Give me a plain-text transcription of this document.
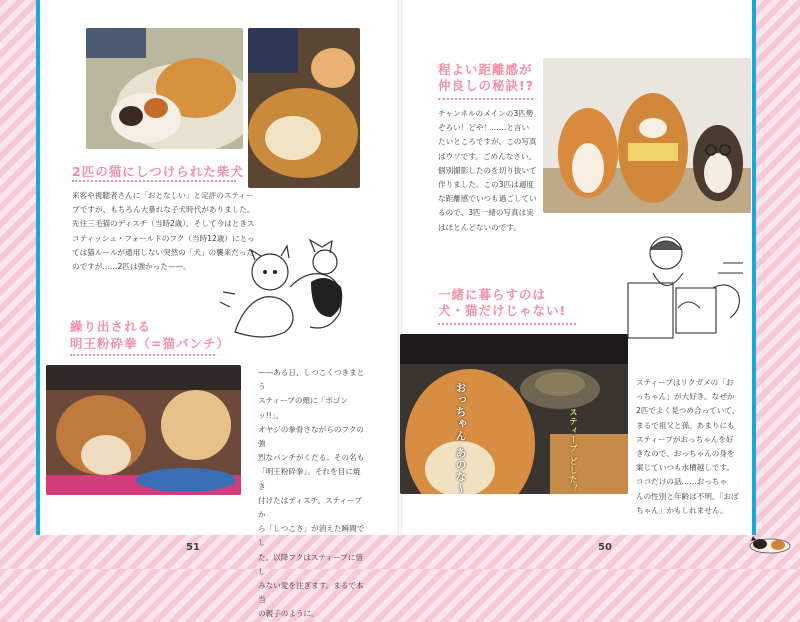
2匹の猫にしつけられた柴犬
来客や視聴者さんに「おとなしい」と定評のスティー
ブですが、もちろん大暴れな子犬時代がありました。
先住三毛猫のディスチ（当時2歳）、そして今はときス
コティッシュ・フォールドのフク（当時12歳）にとっ
ては猫ルールが通用しない突然の「犬」の襲来だった
のですが……2匹は強かった——。
繰り出される
明王粉砕拳（=猫パンチ）
——ある日、しつこくつきまとう
スティーブの顔に「ポゴンッ!!」。
オヤジの拳骨さながらのフクの強
烈なパンチがくだる。その名も
「明王粉砕拳」。それを目に焼き
付けたはディスチ。スティーブか
ら「しつこさ」が消えた瞬間でし
た。以降フクはスティーブに惜し
みない愛を注ぎます。まるで本当
の親子のように。
51
程よい距離感が
仲良しの秘訣!?
チャンネルのメインの3匹勢
ぞろい！どや！……と言い
たいところですが、この写真
はウソです。ごめんなさい。
個別撮影したのを切り抜いて
作りました。この3匹は適度
な距離感でいつも過ごしてい
るので、3匹一緒の写真は実
はほとんどないのです。
一緒に暮らすのは
犬・猫だけじゃない!
おっちゃん あのな〜
スティーブ どした？
スティーブはリクガメの「お
っちゃん」が大好き。なぜか
2匹でよく見つめ合っていて、
まるで祖父と孫。あまりにも
スティーブがおっちゃんを好
きなので、おっちゃんの身を
案じていつも水槽越しです。
ココだけの話……おっちゃ
んの性別と年齢は不明。「おば
ちゃん」かもしれません。
50
